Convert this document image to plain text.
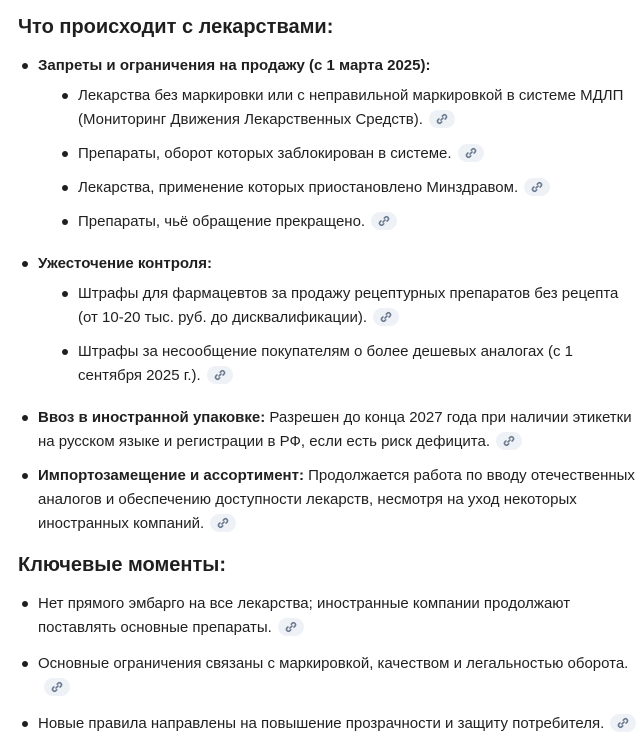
Что происходит с лекарствами:
Запреты и ограничения на продажу (с 1 марта 2025):
Лекарства без маркировки или с неправильной маркировкой в системе МДЛП (Мониторинг Движения Лекарственных Средств).
Препараты, оборот которых заблокирован в системе.
Лекарства, применение которых приостановлено Минздравом.
Препараты, чьё обращение прекращено.
Ужесточение контроля:
Штрафы для фармацевтов за продажу рецептурных препаратов без рецепта (от 10-20 тыс. руб. до дисквалификации).
Штрафы за несообщение покупателям о более дешевых аналогах (с 1 сентября 2025 г.).
Ввоз в иностранной упаковке: Разрешен до конца 2027 года при наличии этикетки на русском языке и регистрации в РФ, если есть риск дефицита.
Импортозамещение и ассортимент: Продолжается работа по вводу отечественных аналогов и обеспечению доступности лекарств, несмотря на уход некоторых иностранных компаний.
Ключевые моменты:
Нет прямого эмбарго на все лекарства; иностранные компании продолжают поставлять основные препараты.
Основные ограничения связаны с маркировкой, качеством и легальностью оборота.
Новые правила направлены на повышение прозрачности и защиту потребителя.
